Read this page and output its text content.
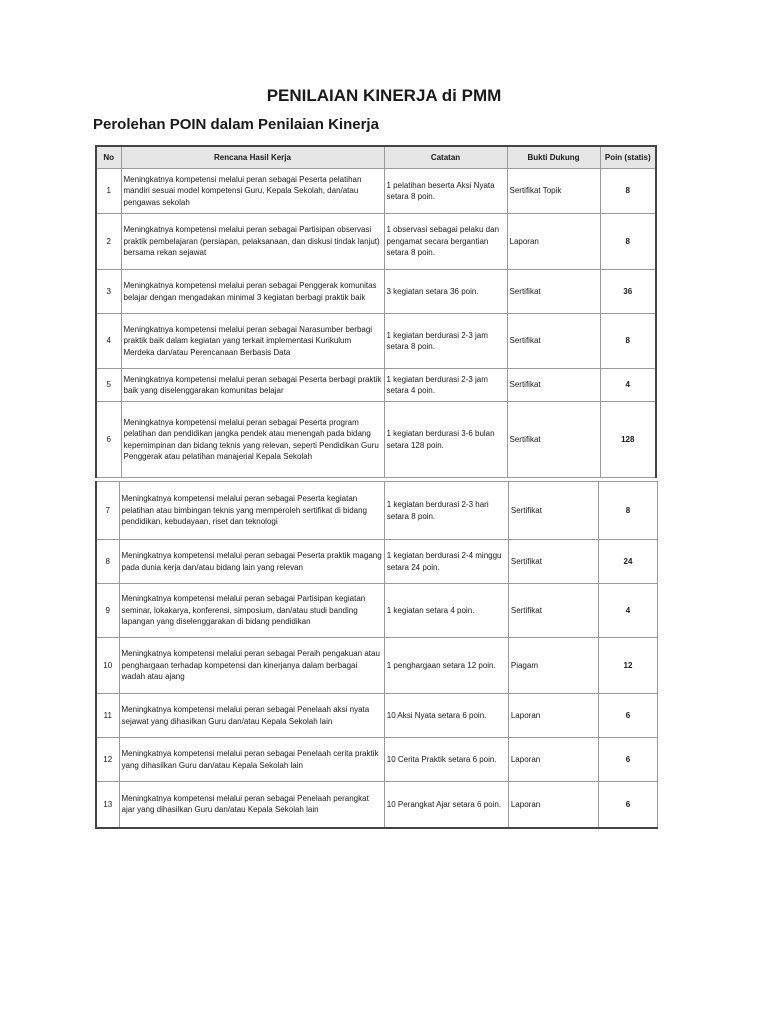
PENILAIAN KINERJA di PMM
Perolehan POIN dalam Penilaian Kinerja
No	Rencana Hasil Kerja	Catatan	Bukti Dukung	Poin (statis)
1	Meningkatnya kompetensi melalui peran sebagai Peserta pelatihan mandiri sesuai model kompetensi Guru, Kepala Sekolah, dan/atau pengawas sekolah	1 pelatihan beserta Aksi Nyata setara 8 poin.	Sertifikat Topik	8
2	Meningkatnya kompetensi melalui peran sebagai Partisipan observasi praktik pembelajaran (persiapan, pelaksanaan, dan diskusi tindak lanjut) bersama rekan sejawat	1 observasi sebagai pelaku dan pengamat secara bergantian setara 8 poin.	Laporan	8
3	Meningkatnya kompetensi melalui peran sebagai Penggerak komunitas belajar dengan mengadakan minimal 3 kegiatan berbagi praktik baik	3 kegiatan setara 36 poin.	Sertifikat	36
4	Meningkatnya kompetensi melalui peran sebagai Narasumber berbagi praktik baik dalam kegiatan yang terkait implementasi Kurikulum Merdeka dan/atau Perencanaan Berbasis Data	1 kegiatan berdurasi 2-3 jam setara 8 poin.	Sertifikat	8
5	Meningkatnya kompetensi melalui peran sebagai Peserta berbagi praktik baik yang diselenggarakan komunitas belajar	1 kegiatan berdurasi 2-3 jam setara 4 poin.	Sertifikat	4
6	Meningkatnya kompetensi melalui peran sebagai Peserta program pelatihan dan pendidikan jangka pendek atau menengah pada bidang kepemimpinan dan bidang teknis yang relevan, seperti Pendidikan Guru Penggerak atau pelatihan manajerial Kepala Sekolah	1 kegiatan berdurasi 3-6 bulan setara 128 poin.	Sertifikat	128
7	Meningkatnya kompetensi melalui peran sebagai Peserta kegiatan pelatihan atau bimbingan teknis yang memperoleh sertifikat di bidang pendidikan, kebudayaan, riset dan teknologi	1 kegiatan berdurasi 2-3 hari setara 8 poin.	Sertifikat	8
8	Meningkatnya kompetensi melalui peran sebagai Peserta praktik magang pada dunia kerja dan/atau bidang lain yang relevan	1 kegiatan berdurasi 2-4 minggu setara 24 poin.	Sertifikat	24
9	Meningkatnya kompetensi melalui peran sebagai Partisipan kegiatan seminar, lokakarya, konferensi, simposium, dan/atau studi banding lapangan yang diselenggarakan di bidang pendidikan	1 kegiatan setara 4 poin.	Sertifikat	4
10	Meningkatnya kompetensi melalui peran sebagai Peraih pengakuan atau penghargaan terhadap kompetensi dan kinerjanya dalam berbagai wadah atau ajang	1 penghargaan setara 12 poin.	Piagam	12
11	Meningkatnya kompetensi melalui peran sebagai Penelaah aksi nyata sejawat yang dihasilkan Guru dan/atau Kepala Sekolah lain	10 Aksi Nyata setara 6 poin.	Laporan	6
12	Meningkatnya kompetensi melalui peran sebagai Penelaah cerita praktik yang dihasilkan Guru dan/atau Kepala Sekolah lain	10 Cerita Praktik setara 6 poin.	Laporan	6
13	Meningkatnya kompetensi melalui peran sebagai Penelaah perangkat ajar yang dihasilkan Guru dan/atau Kepala Sekolah lain	10 Perangkat Ajar setara 6 poin.	Laporan	6
